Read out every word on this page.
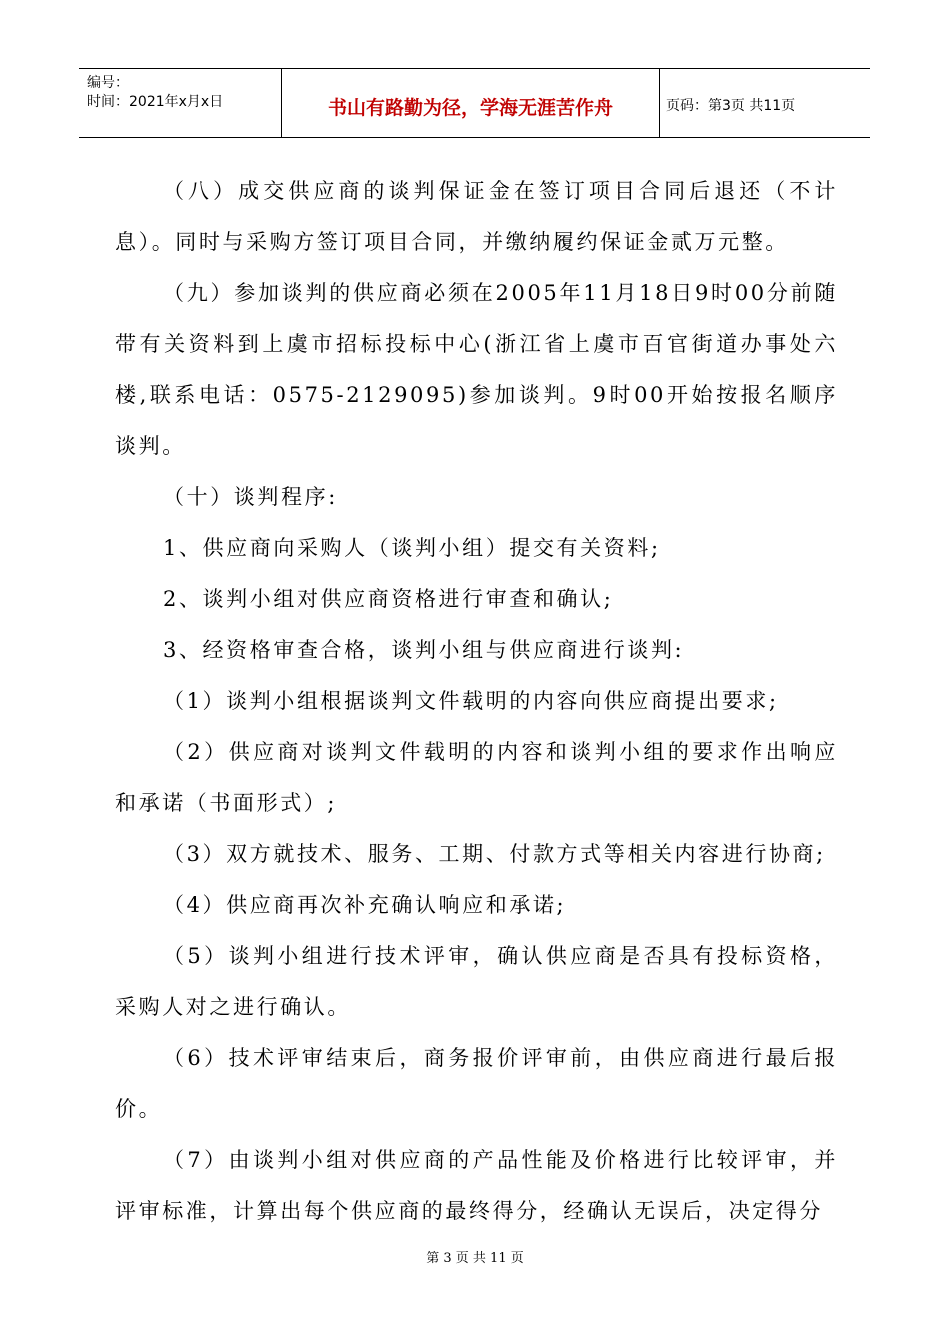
编号：
时间：2021年x月x日	书山有路勤为径，学海无涯苦作舟	页码：第3页 共11页

（八）成交供应商的谈判保证金在签订项目合同后退还（不计息）。同时与采购方签订项目合同，并缴纳履约保证金贰万元整。

（九）参加谈判的供应商必须在2005年11月18日9时00分前随带有关资料到上虞市招标投标中心(浙江省上虞市百官街道办事处六楼,联系电话：0575-2129095)参加谈判。9时00开始按报名顺序谈判。

（十）谈判程序:

1、供应商向采购人（谈判小组）提交有关资料;

2、谈判小组对供应商资格进行审查和确认;

3、经资格审查合格，谈判小组与供应商进行谈判:

（1）谈判小组根据谈判文件载明的内容向供应商提出要求;

（2）供应商对谈判文件载明的内容和谈判小组的要求作出响应和承诺（书面形式）;

（3）双方就技术、服务、工期、付款方式等相关内容进行协商;

（4）供应商再次补充确认响应和承诺;

（5）谈判小组进行技术评审，确认供应商是否具有投标资格，采购人对之进行确认。

（6）技术评审结束后，商务报价评审前，由供应商进行最后报价。

（7）由谈判小组对供应商的产品性能及价格进行比较评审，并评审标准，计算出每个供应商的最终得分，经确认无误后，决定得分

第 3 页 共 11 页
